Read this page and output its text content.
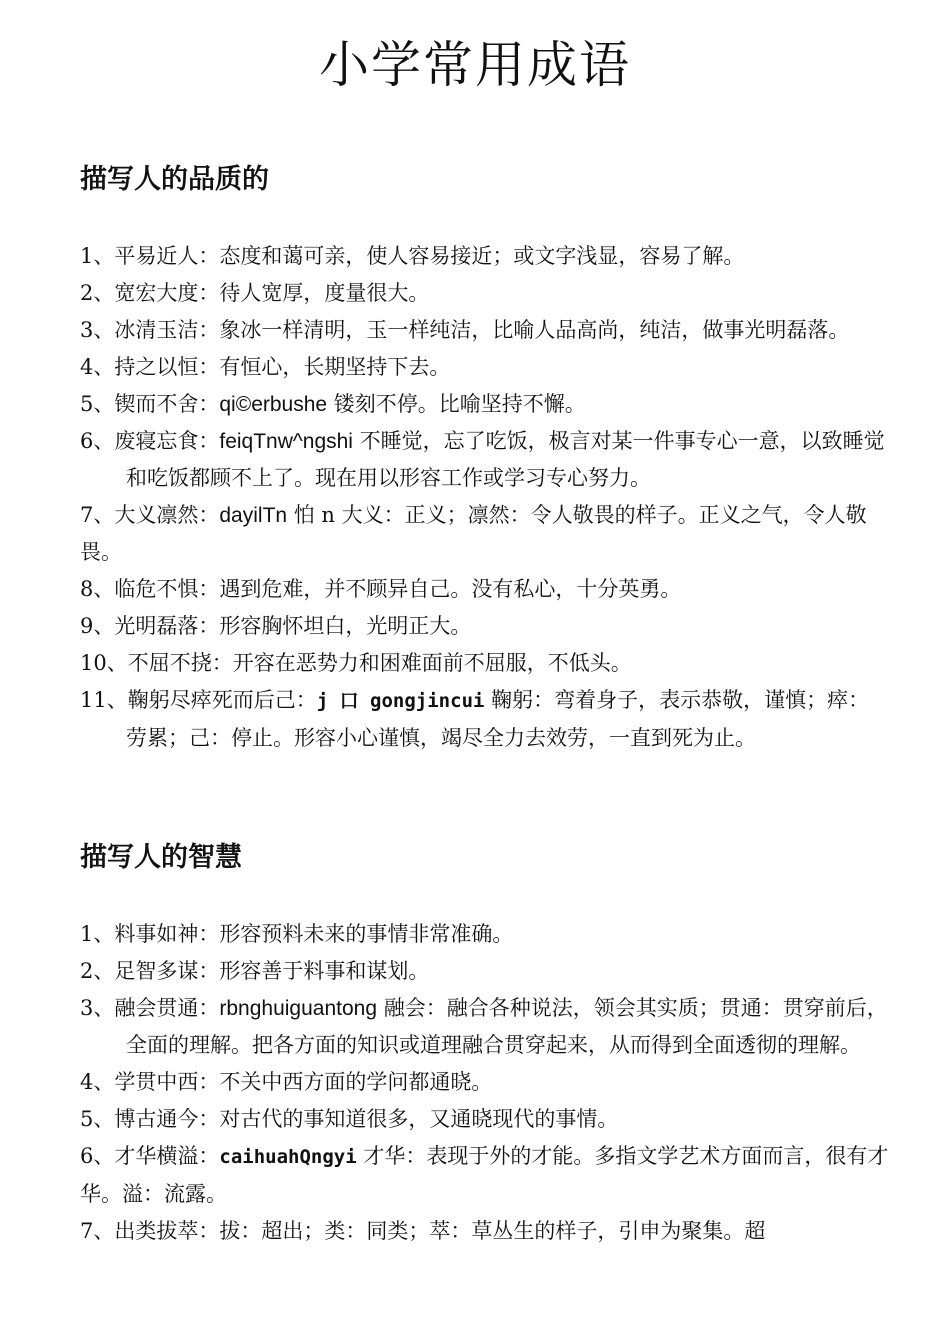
小学常用成语
描写人的品质的
1、平易近人：态度和蔼可亲，使人容易接近；或文字浅显，容易了解。
2、宽宏大度：待人宽厚，度量很大。
3、冰清玉洁：象冰一样清明，玉一样纯洁，比喻人品高尚，纯洁，做事光明磊落。
4、持之以恒：有恒心，长期坚持下去。
5、锲而不舍：qi©erbushe 镂刻不停。比喻坚持不懈。
6、废寝忘食：feiqTnw^ngshi 不睡觉，忘了吃饭，极言对某一件事专心一意，以致睡觉和吃饭都顾不上了。现在用以形容工作或学习专心努力。
7、大义凛然：dayilTn 怕 n 大义：正义；凛然：令人敬畏的样子。正义之气，令人敬畏。
8、临危不惧：遇到危难，并不顾异自己。没有私心，十分英勇。
9、光明磊落：形容胸怀坦白，光明正大。
10、不屈不挠：开容在恶势力和困难面前不屈服，不低头。
11、鞠躬尽瘁死而后己：j 口 gongjincui 鞠躬：弯着身子，表示恭敬，谨慎；瘁：劳累；己：停止。形容小心谨慎，竭尽全力去效劳，一直到死为止。
描写人的智慧
1、料事如神：形容预料未来的事情非常准确。
2、足智多谋：形容善于料事和谋划。
3、融会贯通：rbnghuiguantong 融会：融合各种说法，领会其实质；贯通：贯穿前后，全面的理解。把各方面的知识或道理融合贯穿起来，从而得到全面透彻的理解。
4、学贯中西：不关中西方面的学问都通晓。
5、博古通今：对古代的事知道很多，又通晓现代的事情。
6、才华横溢：caihuahQngyi 才华：表现于外的才能。多指文学艺术方面而言，很有才华。溢：流露。
7、出类拔萃：拔：超出；类：同类；萃：草丛生的样子，引申为聚集。超
